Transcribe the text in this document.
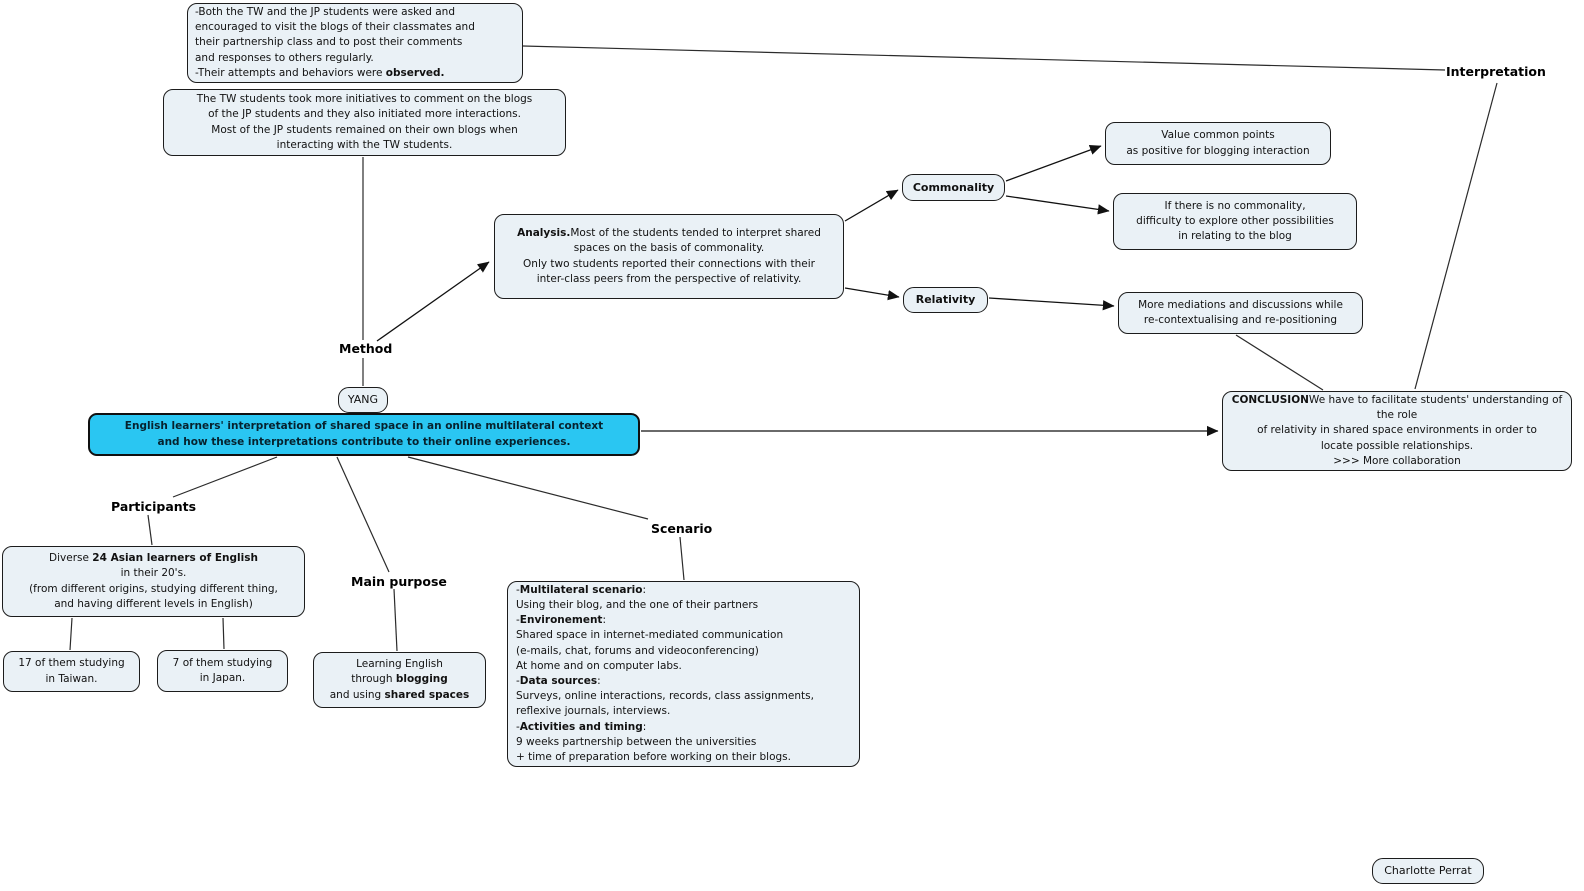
-Both the TW and the JP students were asked and
encouraged to visit the blogs of their classmates and
their partnership class and to post their comments
and responses to others regularly.
-Their attempts and behaviors were observed.
The TW students took more initiatives to comment on the blogs
of the JP students and they also initiated more interactions.
Most of the JP students remained on their own blogs when
interacting with the TW students.
Interpretation
Value common points
as positive for blogging interaction
Commonality
If there is no commonality,
difficulty to explore other possibilities
in relating to the blog
Analysis.Most of the students tended to interpret shared
spaces on the basis of commonality.
Only two students reported their connections with their
inter-class peers from the perspective of relativity.
Relativity	More mediations and discussions while
re-contextualising and re-positioning
Method
YANG
English learners' interpretation of shared space in an online multilateral context
and how these interpretations contribute to their online experiences.
CONCLUSIONWe have to facilitate students' understanding of the role
of relativity in shared space environments in order to
locate possible relationships.
>>> More collaboration
Participants
Diverse 24 Asian learners of English
in their 20's.
(from different origins, studying different thing,
and having different levels in English)
17 of them studying
in Taiwan.
7 of them studying
in Japan.
Main purpose
Learning English
through blogging
and using shared spaces
Scenario
-Multilateral scenario:
Using their blog, and the one of their partners
-Environement:
Shared space in internet-mediated communication
(e-mails, chat, forums and videoconferencing)
At home and on computer labs.
-Data sources:
Surveys, online interactions, records, class assignments,
reflexive journals, interviews.
-Activities and timing:
9 weeks partnership between the universities
+ time of preparation before working on their blogs.
Charlotte Perrat
